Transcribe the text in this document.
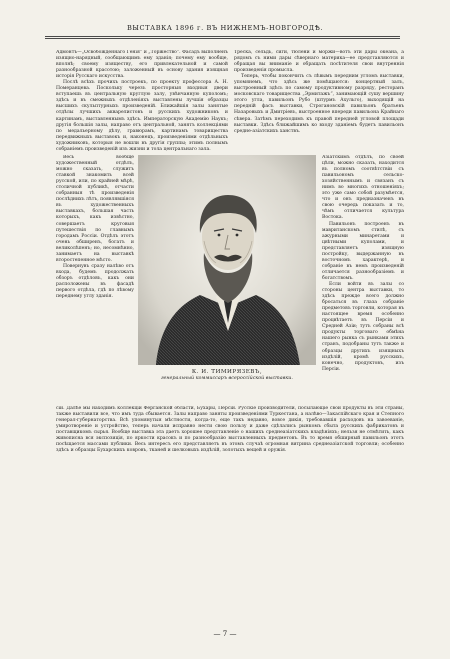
ВЫСТАВКА 1896 г. ВЪ НИЖНЕМЪ-НОВГОРОДѢ.

Адмонтъ—„Освобожденнаго Генія“ и „Торжество“. Фасадъ выполненъ изящно-нарядный, сообщающимъ ему зданія; почему ему вообще, вполнѣ; своему изяществу, его привлекательной и самой разнообразной красотою; заложенный въ основу здания изящная исторія Русскаго искусства.

Послѣ всѣхъ прочихъ построекъ, по проекту профессора А. Н. Померанцева. Поскольку черезъ просторныя входныя двери вступаешь въ центральную круглую залу, увѣнчанную куполомъ; здѣсь и въ смежныхъ отдѣленіяхъ выставлены лучшія образцы высшихъ скульптурныхъ произведеній. Ближайшія залы занятые отдѣлы лучшихъ акварелистовъ и русскихъ художниковъ и картинамъ, выставленнымъ здѣсь. Императорскую Академію Наукъ; другія большія залы, направо отъ центральной, занятъ коллекціями по медальерному дѣлу, гравюрамъ, картинамъ товарищества передвижныхъ выставокъ и, наконецъ, произведеніями отдѣльныхъ художниковъ, которыя не вошли въ другія группы; этимъ полнымъ собраніемъ произведеній изъ жизни и тола центральнаго зала.

Весь вообще художественный отдѣлъ, можно сказать, служитъ ставкой знакомить всей русской, или, по крайней мѣрѣ, столичной публикѣ, отчасти собранныя тѣ произведенія послѣднихъ лѣтъ, появлявшіяся въ художественныхъ выставкахъ, большая часть которыхъ, какъ извѣстно, совершаетъ круговыя путешествія по главнымъ городамъ Россіи. Отдѣлъ этотъ очень обширенъ, богатъ и великолѣпенъ; но, несомнѣнно, занимаетъ на выставкѣ второстепенное мѣсто.

Повернувъ сразу налѣво отъ входа, будемъ продолжать обзоръ отдѣловъ, какъ они расположены въ фасадѣ первого отдѣла, гдѣ по лѣвому переднему углу зданія.

Треска, сельдь, сиги, тюлени и моржи—вотъ эти дары океана, а рядомъ съ ними дары сѣвернаго материка—ее представляются и обращая вы вниманіе и обращать посѣтителя свои внутреннія произведенія промысла.

Теперь, чтобы покончить съ лѣвымъ передним угломъ выставки, упомянемъ, что здѣсь же помѣщаются: концертный залъ, выстроенный здѣсь по самому продуктивному разряду, ресторанъ московскаго товарищества „Эрмитажъ“, занимающій сушу вершину этого угла, павильонъ Рубо (штурмъ Ахульго), выходящій на передній фасъ выставки, Строгановскій павильонъ братьевъ Назаровыхъ и Дмитріевъ, выстроенное впереди павильона Крайнаго сѣвера. Затѣмъ переходимъ къ правой передней угловой площади выставки. Здѣсь ближайшимъ ко входу зданіемъ будетъ павильонъ средне-азіатскихъ ханствъ.

Азіатскимъ отдѣлъ, по своей цѣли, можно сказать, находится въ полномъ соотвѣтствіи съ павильономъ сельско-хозяйственнымъ и связанъ съ нимъ во многихъ отношеніяхъ; это уже само собой разумѣется, что и онъ предназначенъ въ свою очередь показать и то, чѣмъ отличается культура Востока.

Павильонъ построенъ въ мавританскомъ стилѣ, съ ажурными минаретами и цвѣтными куполами, и представляетъ изящную постройку, выдержанную въ восточномъ характерѣ, и собраніе въ немъ произведеній отличается разнообразіемъ и богатствомъ.

Если войти въ залы со стороны центра выставки, то здѣсь прежде всего должно бросаться въ глаза собраніе предметовъ торговли, которая въ настоящее время особенно процвѣтаетъ въ Персіи и Средней Азіи; тутъ собраны всѣ продукты торговаго обмѣна нашего рынка съ рынками этихъ странъ, подобраны тутъ также и образцы другихъ изящныхъ издѣлій, кромѣ русскихъ, конечно, продуктовъ, изъ Персіи.

К. И. ТИМИРЯЗЕВЪ,
генеральный коммиссаръ всероссійской выставки.

сіи. Далѣе мы находимъ коллекціи Ферганской области, Бухары, Персіи. Русскіе производители, посылающіе свои продукты въ эти страны, также выставили все, что имъ туда сбывается. Залы направо заняты произведеніями Туркестана, а налѣво—Закаспійскаго края и Степного генерал-губернаторства. Всѣ упомянутыя мѣстности, когда-то, еще такъ недавно, вовсе дикія, требовавшія расходовъ на завоеваніе, умиротвореніе и устройство, теперь начали исправно нести свою пользу и даже сдѣлались рынкомъ сбыта русскихъ фабрикатовъ и поставщикомъ сырья. Вообще выставка эта даетъ хорошее представленіе о нашихъ среднеазіатскихъ владѣніяхъ; нельзя не отмѣтить, какъ живописна вся экспозиція, по яркости красокъ и по разнообразію выставленныхъ предметовъ. Въ то время обширный павильонъ этотъ посѣщается массами публики. Весь интересъ его представляетъ въ этомъ случаѣ огромная витрина среднеазіатской торговли; особенно здѣсь и образцы Бухарскихъ ковровъ, тканей и шелковыхъ издѣлій, золотыхъ вещей и оружія.

— 7 —
